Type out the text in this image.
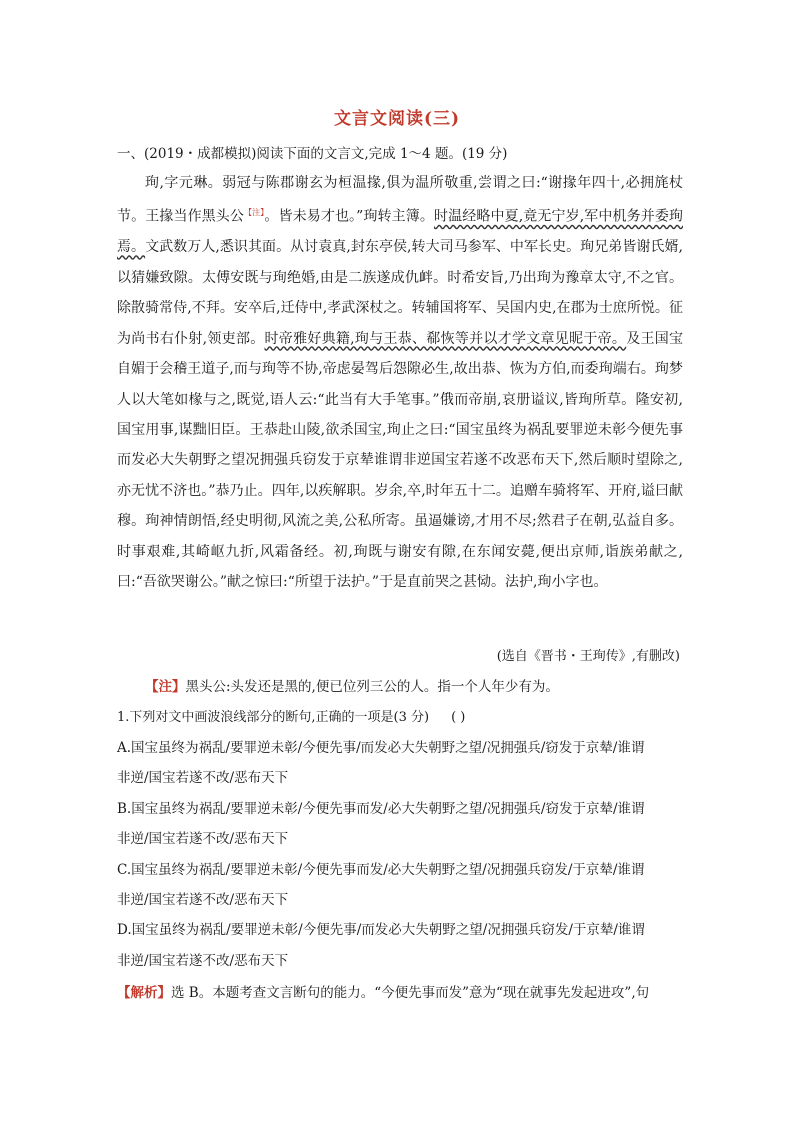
文言文阅读(三)
一、(2019・成都模拟)阅读下面的文言文,完成 1～4 题。(19 分)

珣,字元琳。弱冠与陈郡谢玄为桓温掾,俱为温所敬重,尝谓之曰:“谢掾年四十,必拥旄杖节。王掾当作黑头公$^{【注】}$。皆未易才也。”珣转主簿。时温经略中夏,竟无宁岁,军中机务并委珣焉。文武数万人,悉识其面。从讨袁真,封东亭侯,转大司马参军、中军长史。珣兄弟皆谢氏婿,以猜嫌致隙。太傅安既与珣绝婚,由是二族遂成仇衅。时希安旨,乃出珣为豫章太守,不之官。除散骑常侍,不拜。安卒后,迁侍中,孝武深杖之。转辅国将军、吴国内史,在郡为士庶所悦。征为尚书右仆射,领吏部。时帝雅好典籍,珣与王恭、郗恢等并以才学文章见昵于帝。及王国宝自媚于会稽王道子,而与珣等不协,帝虑晏驾后怨隙必生,故出恭、恢为方伯,而委珣端右。珣梦人以大笔如椽与之,既觉,语人云:“此当有大手笔事。”俄而帝崩,哀册谥议,皆珣所草。隆安初,国宝用事,谋黜旧臣。王恭赴山陵,欲杀国宝,珣止之曰:“国宝虽终为祸乱要罪逆未彰今便先事而发必大失朝野之望况拥强兵窃发于京辇谁谓非逆国宝若遂不改恶布天下,然后顺时望除之,亦无忧不济也。”恭乃止。四年,以疾解职。岁余,卒,时年五十二。追赠车骑将军、开府,谥曰献穆。珣神情朗悟,经史明彻,风流之美,公私所寄。虽逼嫌谤,才用不尽;然君子在朝,弘益自多。时事艰难,其崎岖九折,风霜备经。初,珣既与谢安有隙,在东闻安薨,便出京师,诣族弟献之,曰:“吾欲哭谢公。”献之惊曰:“所望于法护。”于是直前哭之甚恸。法护,珣小字也。

(选自《晋书・王珣传》,有删改)
【注】黑头公:头发还是黑的,便已位列三公的人。指一个人年少有为。
1.下列对文中画波浪线部分的断句,正确的一项是(3 分) ( )
A.国宝虽终为祸乱/要罪逆未彰/今便先事/而发必大失朝野之望/况拥强兵/窃发于京辇/谁谓
非逆/国宝若遂不改/恶布天下
B.国宝虽终为祸乱/要罪逆未彰/今便先事而发/必大失朝野之望/况拥强兵/窃发于京辇/谁谓
非逆/国宝若遂不改/恶布天下
C.国宝虽终为祸乱/要罪逆未彰/今便先事而发/必大失朝野之望/况拥强兵窃发/于京辇/谁谓
非逆/国宝若遂不改/恶布天下
D.国宝虽终为祸乱/要罪逆未彰/今便先事/而发必大失朝野之望/况拥强兵窃发/于京辇/谁谓
非逆/国宝若遂不改/恶布天下
【解析】选 B。本题考查文言断句的能力。“今便先事而发”意为“现在就事先发起进攻”,句
